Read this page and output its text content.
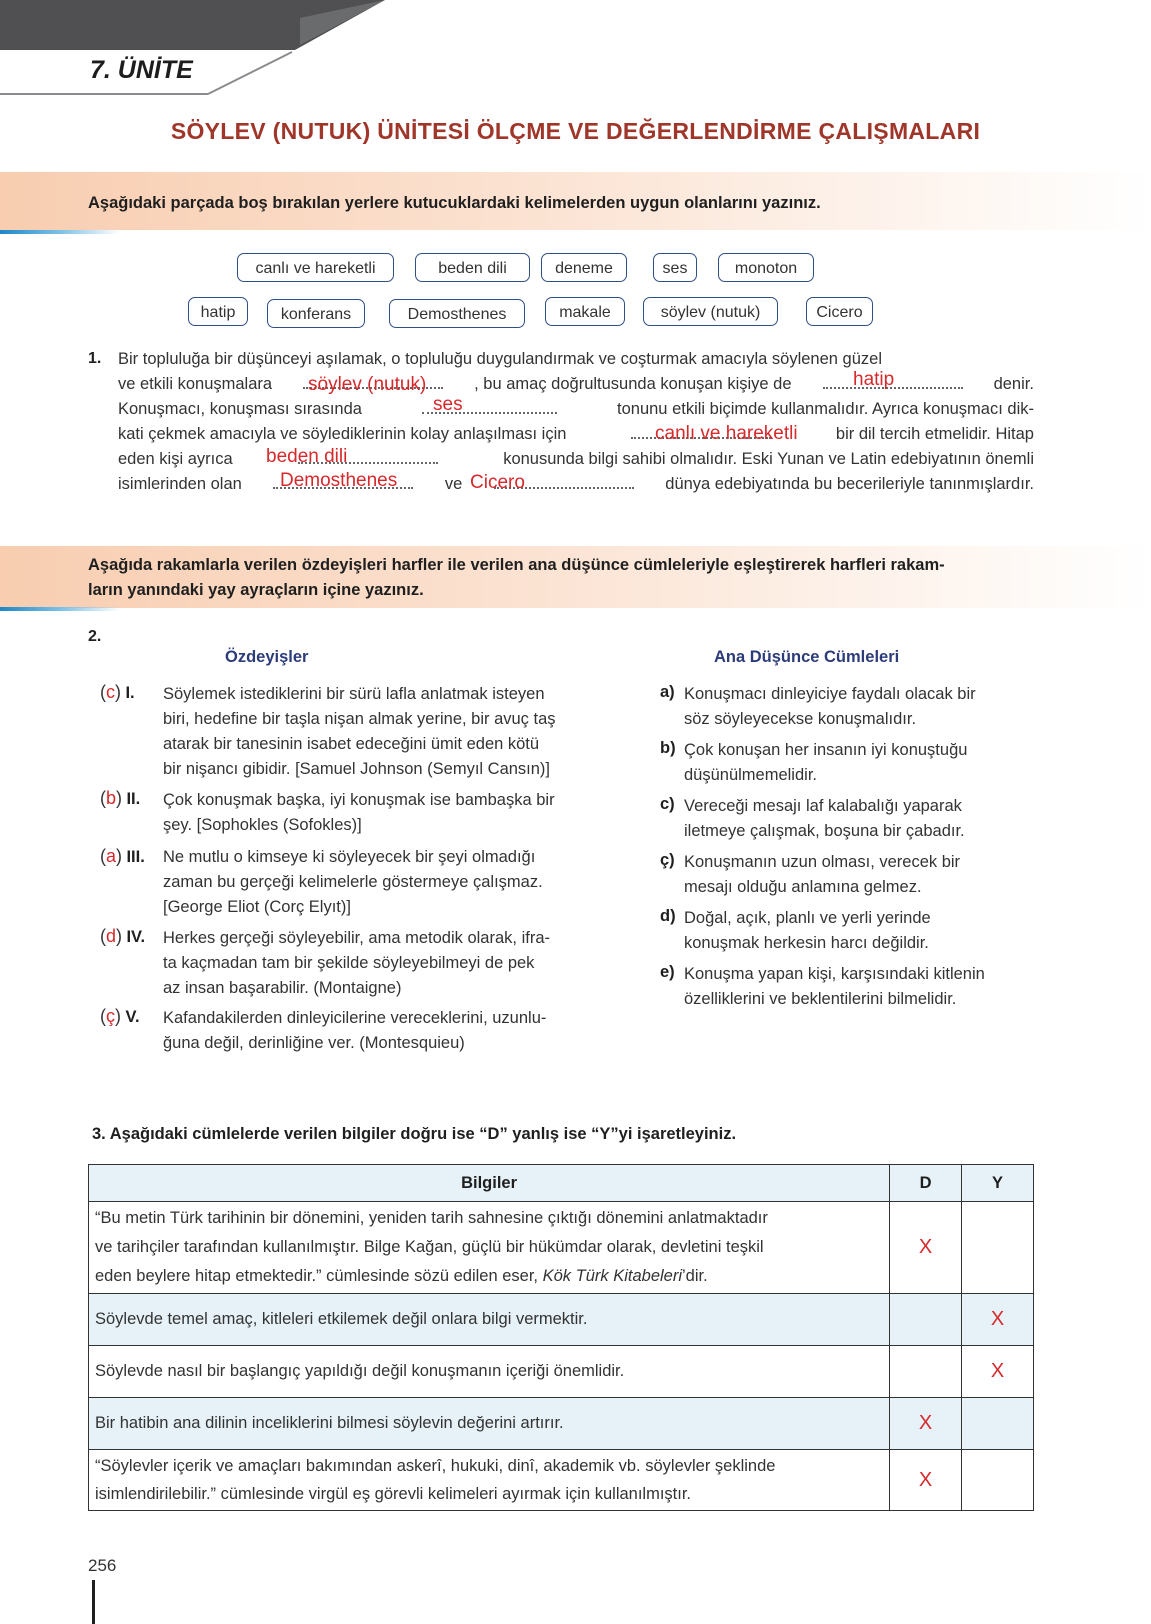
7. ÜNİTE
SÖYLEV (NUTUK) ÜNİTESİ ÖLÇME VE DEĞERLENDİRME ÇALIŞMALARI
Aşağıdaki parçada boş bırakılan yerlere kutucuklardaki kelimelerden uygun olanlarını yazınız.
canlı ve hareketli	beden dili	deneme	ses	monoton
hatip	konferans	Demosthenes	makale	söylev (nutuk)	Cicero
1. Bir topluluğa bir düşünceyi aşılamak, o topluluğu duygulandırmak ve coşturmak amacıyla söylenen güzel
ve etkili konuşmalara	, bu amaç doğrultusunda konuşan kişiye de	denir.
Konuşmacı, konuşması sırasında	tonunu etkili biçimde kullanmalıdır. Ayrıca konuşmacı dik-
kati çekmek amacıyla ve söylediklerinin kolay anlaşılması için	bir dil tercih etmelidir. Hitap
eden kişi ayrıca	konusunda bilgi sahibi olmalıdır. Eski Yunan ve Latin edebiyatının önemli
isimlerinden olan	ve	dünya edebiyatında bu becerileriyle tanınmışlardır.
söylev (nutuk)	hatip
ses
canlı ve hareketli
beden dili
Demosthenes	Cicero
Aşağıda rakamlarla verilen özdeyişleri harfler ile verilen ana düşünce cümleleriyle eşleştirerek harfleri rakam-
ların yanındaki yay ayraçların içine yazınız.
2.
Özdeyişler	Ana Düşünce Cümleleri
(c) I. Söylemek istediklerini bir sürü lafla anlatmak isteyen
biri, hedefine bir taşla nişan almak yerine, bir avuç taş
atarak bir tanesinin isabet edeceğini ümit eden kötü
bir nişancı gibidir. [Samuel Johnson (Semyıl Cansın)]
(b) II. Çok konuşmak başka, iyi konuşmak ise bambaşka bir
şey. [Sophokles (Sofokles)]
(a) III. Ne mutlu o kimseye ki söyleyecek bir şeyi olmadığı
zaman bu gerçeği kelimelerle göstermeye çalışmaz.
[George Eliot (Corç Elyıt)]
(d) IV. Herkes gerçeği söyleyebilir, ama metodik olarak, ifra-
ta kaçmadan tam bir şekilde söyleyebilmeyi de pek
az insan başarabilir. (Montaigne)
(ç) V. Kafandakilerden dinleyicilerine vereceklerini, uzunlu-
ğuna değil, derinliğine ver. (Montesquieu)
a) Konuşmacı dinleyiciye faydalı olacak bir
söz söyleyecekse konuşmalıdır.
b) Çok konuşan her insanın iyi konuştuğu
düşünülmemelidir.
c) Vereceği mesajı laf kalabalığı yaparak
iletmeye çalışmak, boşuna bir çabadır.
ç) Konuşmanın uzun olması, verecek bir
mesajı olduğu anlamına gelmez.
d) Doğal, açık, planlı ve yerli yerinde
konuşmak herkesin harcı değildir.
e) Konuşma yapan kişi, karşısındaki kitlenin
özelliklerini ve beklentilerini bilmelidir.
3. Aşağıdaki cümlelerde verilen bilgiler doğru ise “D” yanlış ise “Y”yi işaretleyiniz.
Bilgiler	D	Y

“Bu metin Türk tarihinin bir dönemini, yeniden tarih sahnesine çıktığı dönemini anlatmaktadır
ve tarihçiler tarafından kullanılmıştır. Bilge Kağan, güçlü bir hükümdar olarak, devletini teşkil
eden beylere hitap etmektedir.” cümlesinde sözü edilen eser, Kök Türk Kitabeleri’dir.	X	

Söylevde temel amaç, kitleleri etkilemek değil onlara bilgi vermektir.		X

Söylevde nasıl bir başlangıç yapıldığı değil konuşmanın içeriği önemlidir.		X

Bir hatibin ana dilinin inceliklerini bilmesi söylevin değerini artırır.	X	

“Söylevler içerik ve amaçları bakımından askerî, hukuki, dinî, akademik vb. söylevler şeklinde
isimlendirilebilir.” cümlesinde virgül eş görevli kelimeleri ayırmak için kullanılmıştır.	X	
256
